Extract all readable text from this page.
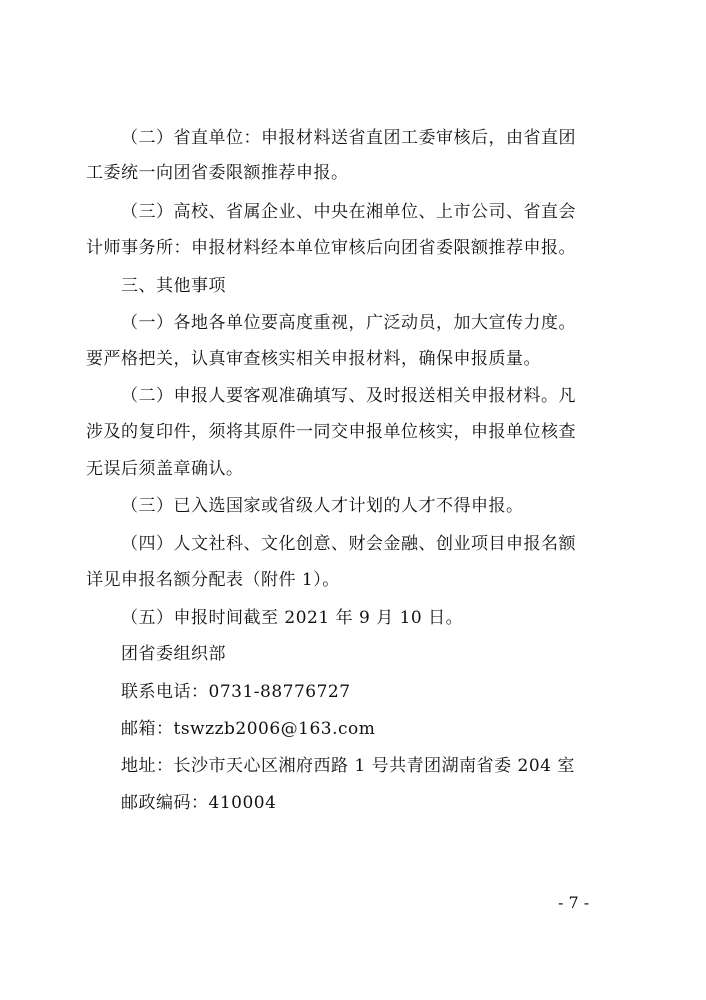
（二）省直单位：申报材料送省直团工委审核后，由省直团
工委统一向团省委限额推荐申报。
（三）高校、省属企业、中央在湘单位、上市公司、省直会
计师事务所：申报材料经本单位审核后向团省委限额推荐申报。
三、其他事项
（一）各地各单位要高度重视，广泛动员，加大宣传力度。
要严格把关，认真审查核实相关申报材料，确保申报质量。
（二）申报人要客观准确填写、及时报送相关申报材料。凡
涉及的复印件，须将其原件一同交申报单位核实，申报单位核查
无误后须盖章确认。
（三）已入选国家或省级人才计划的人才不得申报。
（四）人文社科、文化创意、财会金融、创业项目申报名额
详见申报名额分配表（附件 1）。
（五）申报时间截至 2021 年 9 月 10 日。
团省委组织部
联系电话：0731-88776727
邮箱：tswzzb2006@163.com
地址：长沙市天心区湘府西路 1 号共青团湖南省委 204 室
邮政编码：410004
- 7 -
